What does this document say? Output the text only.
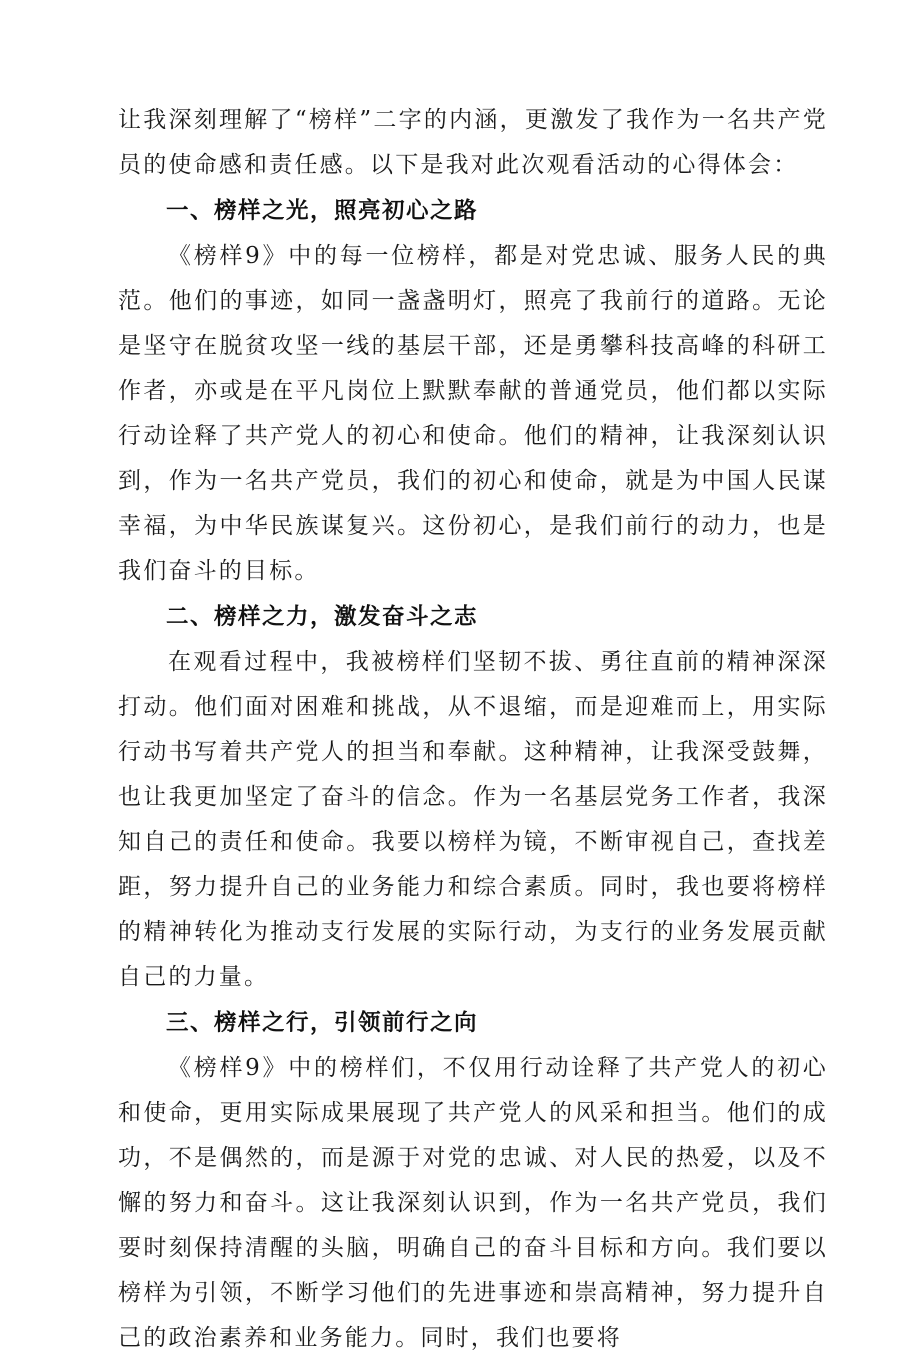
让我深刻理解了“榜样”二字的内涵，更激发了我作为一名共产党员的使命感和责任感。以下是我对此次观看活动的心得体会：

一、榜样之光，照亮初心之路

《榜样9》中的每一位榜样，都是对党忠诚、服务人民的典范。他们的事迹，如同一盏盏明灯，照亮了我前行的道路。无论是坚守在脱贫攻坚一线的基层干部，还是勇攀科技高峰的科研工作者，亦或是在平凡岗位上默默奉献的普通党员，他们都以实际行动诠释了共产党人的初心和使命。他们的精神，让我深刻认识到，作为一名共产党员，我们的初心和使命，就是为中国人民谋幸福，为中华民族谋复兴。这份初心，是我们前行的动力，也是我们奋斗的目标。

二、榜样之力，激发奋斗之志

在观看过程中，我被榜样们坚韧不拔、勇往直前的精神深深打动。他们面对困难和挑战，从不退缩，而是迎难而上，用实际行动书写着共产党人的担当和奉献。这种精神，让我深受鼓舞，也让我更加坚定了奋斗的信念。作为一名基层党务工作者，我深知自己的责任和使命。我要以榜样为镜，不断审视自己，查找差距，努力提升自己的业务能力和综合素质。同时，我也要将榜样的精神转化为推动支行发展的实际行动，为支行的业务发展贡献自己的力量。

三、榜样之行，引领前行之向

《榜样9》中的榜样们，不仅用行动诠释了共产党人的初心和使命，更用实际成果展现了共产党人的风采和担当。他们的成功，不是偶然的，而是源于对党的忠诚、对人民的热爱，以及不懈的努力和奋斗。这让我深刻认识到，作为一名共产党员，我们要时刻保持清醒的头脑，明确自己的奋斗目标和方向。我们要以榜样为引领，不断学习他们的先进事迹和崇高精神，努力提升自己的政治素养和业务能力。同时，我们也要将
